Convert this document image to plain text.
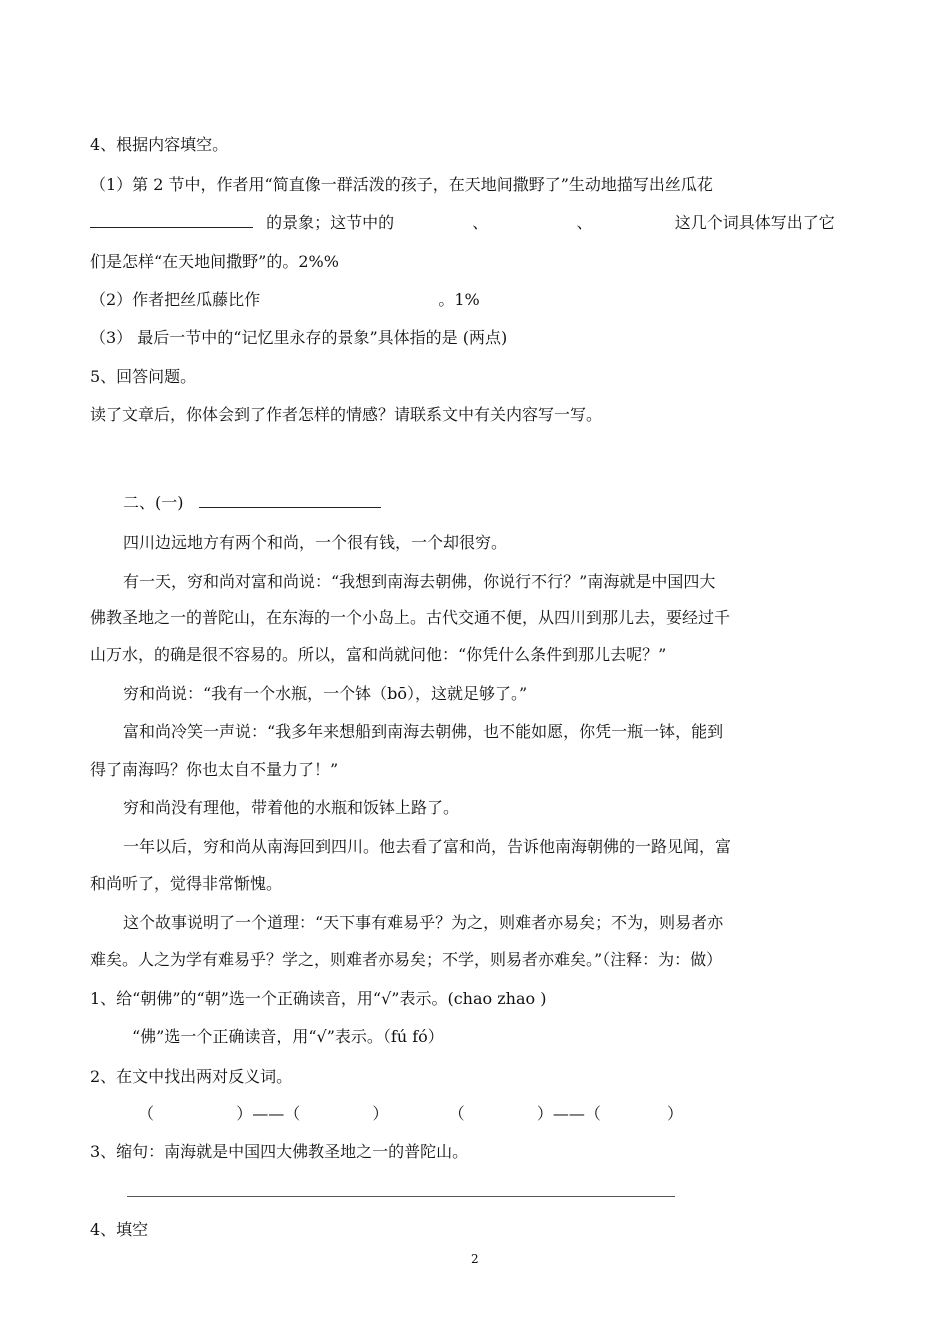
4、根据内容填空。
（1）第 2 节中，作者用“简直像一群活泼的孩子，在天地间撒野了”生动地描写出丝瓜花
的景象；这节中的	、	、	这几个词具体写出了它
们是怎样“在天地间撒野”的。2%%
（2）作者把丝瓜藤比作	。1%
（3） 最后一节中的“记忆里永存的景象”具体指的是 (两点)
5、回答问题。
读了文章后，你体会到了作者怎样的情感？请联系文中有关内容写一写。
二、(一)
四川边远地方有两个和尚，一个很有钱，一个却很穷。
有一天，穷和尚对富和尚说：“我想到南海去朝佛，你说行不行？”南海就是中国四大
佛教圣地之一的普陀山，在东海的一个小岛上。古代交通不便，从四川到那儿去，要经过千
山万水，的确是很不容易的。所以，富和尚就问他：“你凭什么条件到那儿去呢？”
穷和尚说：“我有一个水瓶，一个钵（bō），这就足够了。”
富和尚冷笑一声说：“我多年来想船到南海去朝佛，也不能如愿，你凭一瓶一钵，能到
得了南海吗？你也太自不量力了！”
穷和尚没有理他，带着他的水瓶和饭钵上路了。
一年以后，穷和尚从南海回到四川。他去看了富和尚，告诉他南海朝佛的一路见闻，富
和尚听了，觉得非常惭愧。
这个故事说明了一个道理：“天下事有难易乎？为之，则难者亦易矣；不为，则易者亦
难矣。人之为学有难易乎？学之，则难者亦易矣；不学，则易者亦难矣。”（注释：为：做）
1、给“朝佛”的“朝”选一个正确读音，用“√”表示。(chao zhao )
“佛”选一个正确读音，用“√”表示。（fú fó）
2、在文中找出两对反义词。
（	）——（	）	（	）——（	）
3、缩句：南海就是中国四大佛教圣地之一的普陀山。
4、填空
2
